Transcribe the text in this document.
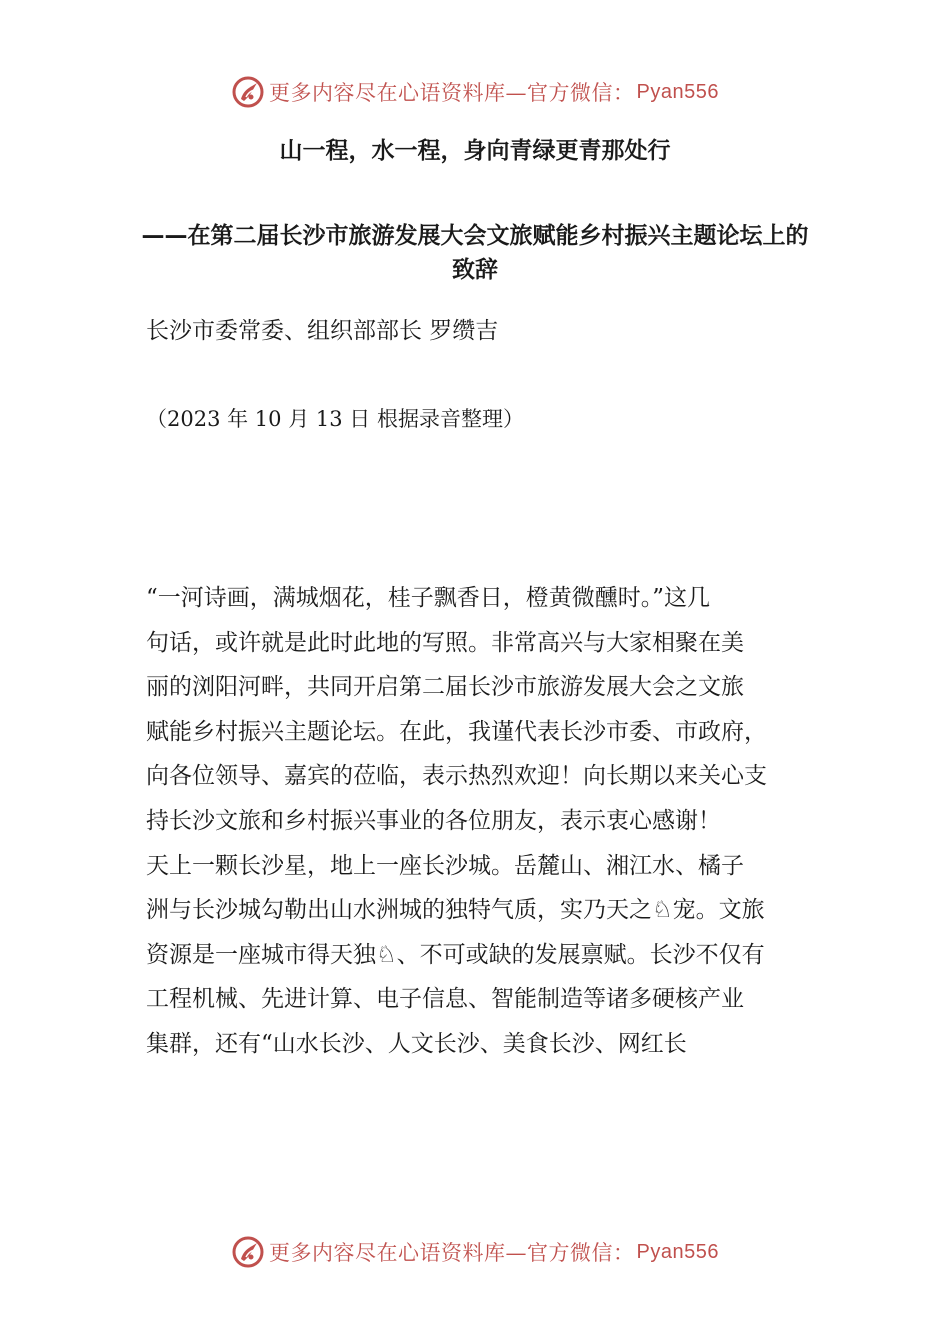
更多内容尽在心语资料库—官方微信： Pyan556
山一程，水一程，身向青绿更青那处行
——在第二届长沙市旅游发展大会文旅赋能乡村振兴主题论坛上的致辞
长沙市委常委、组织部部长 罗缵吉
（2023 年 10 月 13 日 根据录音整理）
“一河诗画，满城烟花，桂子飘香日，橙黄微醺时。”这几
句话，或许就是此时此地的写照。非常高兴与大家相聚在美
丽的浏阳河畔，共同开启第二届长沙市旅游发展大会之文旅
赋能乡村振兴主题论坛。在此，我谨代表长沙市委、市政府，
向各位领导、嘉宾的莅临，表示热烈欢迎！向长期以来关心支
持长沙文旅和乡村振兴事业的各位朋友，表示衷心感谢！
天上一颗长沙星，地上一座长沙城。岳麓山、湘江水、橘子
洲与长沙城勾勒出山水洲城的独特气质，实乃天之♘宠。文旅
资源是一座城市得天独♘、不可或缺的发展禀赋。长沙不仅有
工程机械、先进计算、电子信息、智能制造等诸多硬核产业
集群，还有“山水长沙、人文长沙、美食长沙、网红长
更多内容尽在心语资料库—官方微信： Pyan556
